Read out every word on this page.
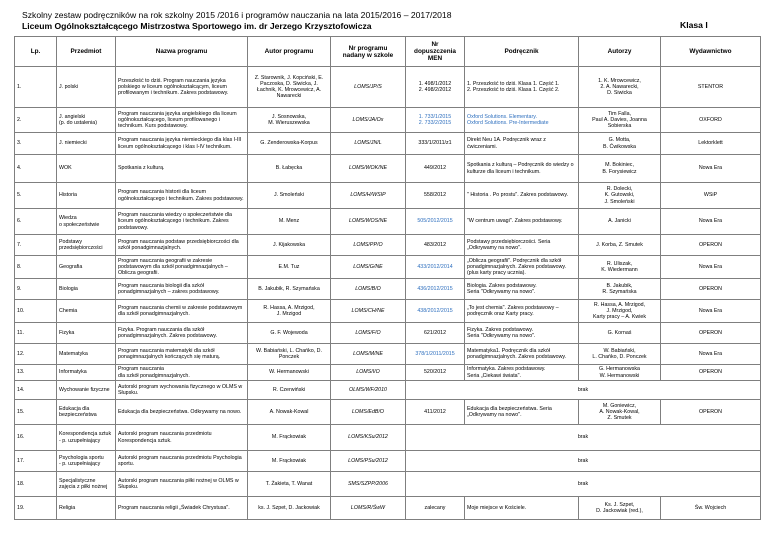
Szkolny zestaw podręczników na rok szkolny 2015 /2016 i programów nauczania na lata 2015/2016 – 2017/2018
Liceum Ogólnokształcącego Mistrzostwa Sportowego im. dr Jerzego Krzysztofowicza	Klasa I
Lp.	Przedmiot	Nazwa programu	Autor programu	Nr programu
nadany w szkole	Nr
dopuszczenia
MEN	Podręcznik	Autorzy	Wydawnictwo
1.	J. polski	Przeszłość to dziś. Program nauczania języka polskiego w liceum ogólnokształcącym, liceum profilowanym i technikum. Zakres podstawowy.	Z. Starownik, J. Kopciński, E. Paczoska, D. Siwicka, J. Łachnik, K. Mrowcewicz, A. Nawarecki	LOMS/JP/S	1. 498/1/2012
2. 498/2/2012	1. Przeszłość to dziś. Klasa 1. Część 1.
2. Przeszłość to dziś. Klasa 1. Część 2.	1. K. Mrowcewicz,
2. A. Nawarecki,
D. Siwicka	STENTOR
2.	J. angielski
(p. do ustalenia)	Program nauczania języka angielskiego dla liceum ogólnokształcącego, liceum profilowanego i technikum. Kurs podstawowy.	J. Sosnowska,
M. Wieruszewska	LOMS/JA/Ox	1. 733/1/2015
2. 733/2/2015	Oxford Solutions. Elementary.
Oxford Solutions. Pre-Intermediate	Tim Falla,
Paul A. Davies, Joanna Sobierska	OXFORD
3.	J. niemiecki	Program nauczania języka niemieckiego dla klas I-III liceum ogólnokształcącego i klas I-IV technikum.	G. Zenderowska-Korpus	LOMS/JN/L	333/1/2011/z1	Direkt Neu 1A. Podręcznik wraz z ćwiczeniami.	G. Motta,
B. Ćwikowska	Lektorklett
4.	WOK	Spotkania z kulturą.	B. Łabęcka	LOMS/WOK/NE	449/2012	Spotkania z kulturą – Podręcznik do wiedzy o kulturze dla liceum i technikum.	M. Bokiniec,
B. Forysiewicz	Nowa Era
5.	Historia	Program nauczania historii dla liceum ogólnokształcącego i technikum. Zakres podstawowy.	J. Smoleński	LOMS/H/WSIP	558/2012	" Historia . Po prostu". Zakres podstawowy.	R. Dolecki,
K. Gutowski,
J. Smoleński	WSiP
6.	Wiedza
o społeczeństwie	Program nauczania wiedzy o społeczeństwie dla liceum ogólnokształcącego i technikum. Zakres podstawowy.	M. Menz	LOMS/WOS/NE	505/2012/2015	"W centrum uwagi". Zakres podstawowy.	A. Janicki	Nowa Era
7.	Podstawy przedsiębiorczości	Program nauczania podstaw przedsiębiorczości dla szkół ponadgimnazjalnych.	J. Kijakowska	LOMS/PP/O	483/2012	Podstawy przedsiębiorczości. Seria „Odkrywamy na nowo".	J. Korba, Z. Smutek	OPERON
8.	Geografia	Program nauczania geografii w zakresie podstawowym dla szkół ponadgimnazjalnych – Oblicza geografii.	E.M. Tuz	LOMS/G/NE	433/2012/2014	„Oblicza geografii". Podręcznik dla szkół ponadgimnazjalnych. Zakres podstawowy. (plus karty pracy ucznia).	R. Uliszak,
K. Wiedermann	Nowa Era
9.	Biologia	Program nauczania biologii dla szkół ponadgimnazjalnych – zakres podstawowy.	B. Jakubik, R. Szymańska	LOMS/B/O	436/2012/2015	Biologia. Zakres podstawowy.
Seria "Odkrywamy na nowo".	B. Jakubik,
R. Szymańska	OPERON
10.	Chemia	Program nauczania chemii w zakresie podstawowym dla szkół ponadgimnazjalnych.	R. Hassa, A. Mrzigod,
J. Mrzigod	LOMS/CH/NE	438/2012/2015	„To jest chemia". Zakres podstawowy – podręcznik oraz Karty pracy.	R. Hassa, A. Mrzigod,
J. Mrzigod,
Karty pracy – A. Kwiek	Nowa Era
11.	Fizyka	Fizyka. Program nauczania dla szkół ponadgimnazjalnych. Zakres podstawowy.	G. F. Wojewoda	LOMS/F/O	621/2012	Fizyka. Zakres podstawowy.
Seria "Odkrywamy na nowo".	G. Kornaś	OPERON
12.	Matematyka	Program nauczania matematyki dla szkół ponagimnazjalnych kończących się maturą.	W. Babiański, L. Chańko, D. Ponczek	LOMS/M/NE	378/1/2011/2015	Matematyka1. Podręcznik dla szkół ponadgimnazjalnych. Zakres podstawowy.	W. Babiański,
L. Chańko, D. Ponczek	Nowa Era
13.	Informatyka	Program nauczania
dla szkół ponadgimnazjalnych.	W. Hermanowski	LOMS/I/O	520/2012	Informatyka. Zakres podstawowy.
Seria „Ciekawi świata".	G. Hermanowska
W. Hermanowski	OPERON
14.	Wychowanie fizyczne	Autorski program wychowania fizycznego w OLMS w Słupsku.	R. Czerwiński	OLMS/WF/2010	brak			
15.	Edukacja dla bezpieczeństwa	Edukacja dla bezpieczeństwa. Odkrywamy na nowo.	A. Nowak-Kowal	LOMS/EdB/O	411/2012	Edukacja dla bezpieczeństwa. Seria „Odkrywamy na nowo".	M. Goniewicz,
A. Nowak-Kowal,
Z. Smutek	OPERON
16.	Korespondencja sztuk
- p. uzupełniający	Autorski program nauczania przedmiotu Korespondencja sztuk.	M. Frąckowiak	LOMS/KSu/2012	brak			
17.	Psychologia sportu
- p. uzupełniający	Autorski program nauczania przedmiotu Psychologia sportu.	M. Frąckowiak	LOMS/PSu/2012	brak			
18.	Specjalistyczne zajęcia z piłki nożnej	Autorski program nauczania piłki nożnej w OLMS w Słupsku.	T. Żakieta, T. Wanat	SMS/SZPP/2006	brak			
19.	Religia	Program nauczania religii „Świadek Chrystusa".	ks. J. Szpet, D. Jackowiak	LOMS/R/ŚwW	zalecany	Moje miejsce w Kościele.	Ks. J. Szpet,
D. Jackowiak (red.),	Św. Wojciech
